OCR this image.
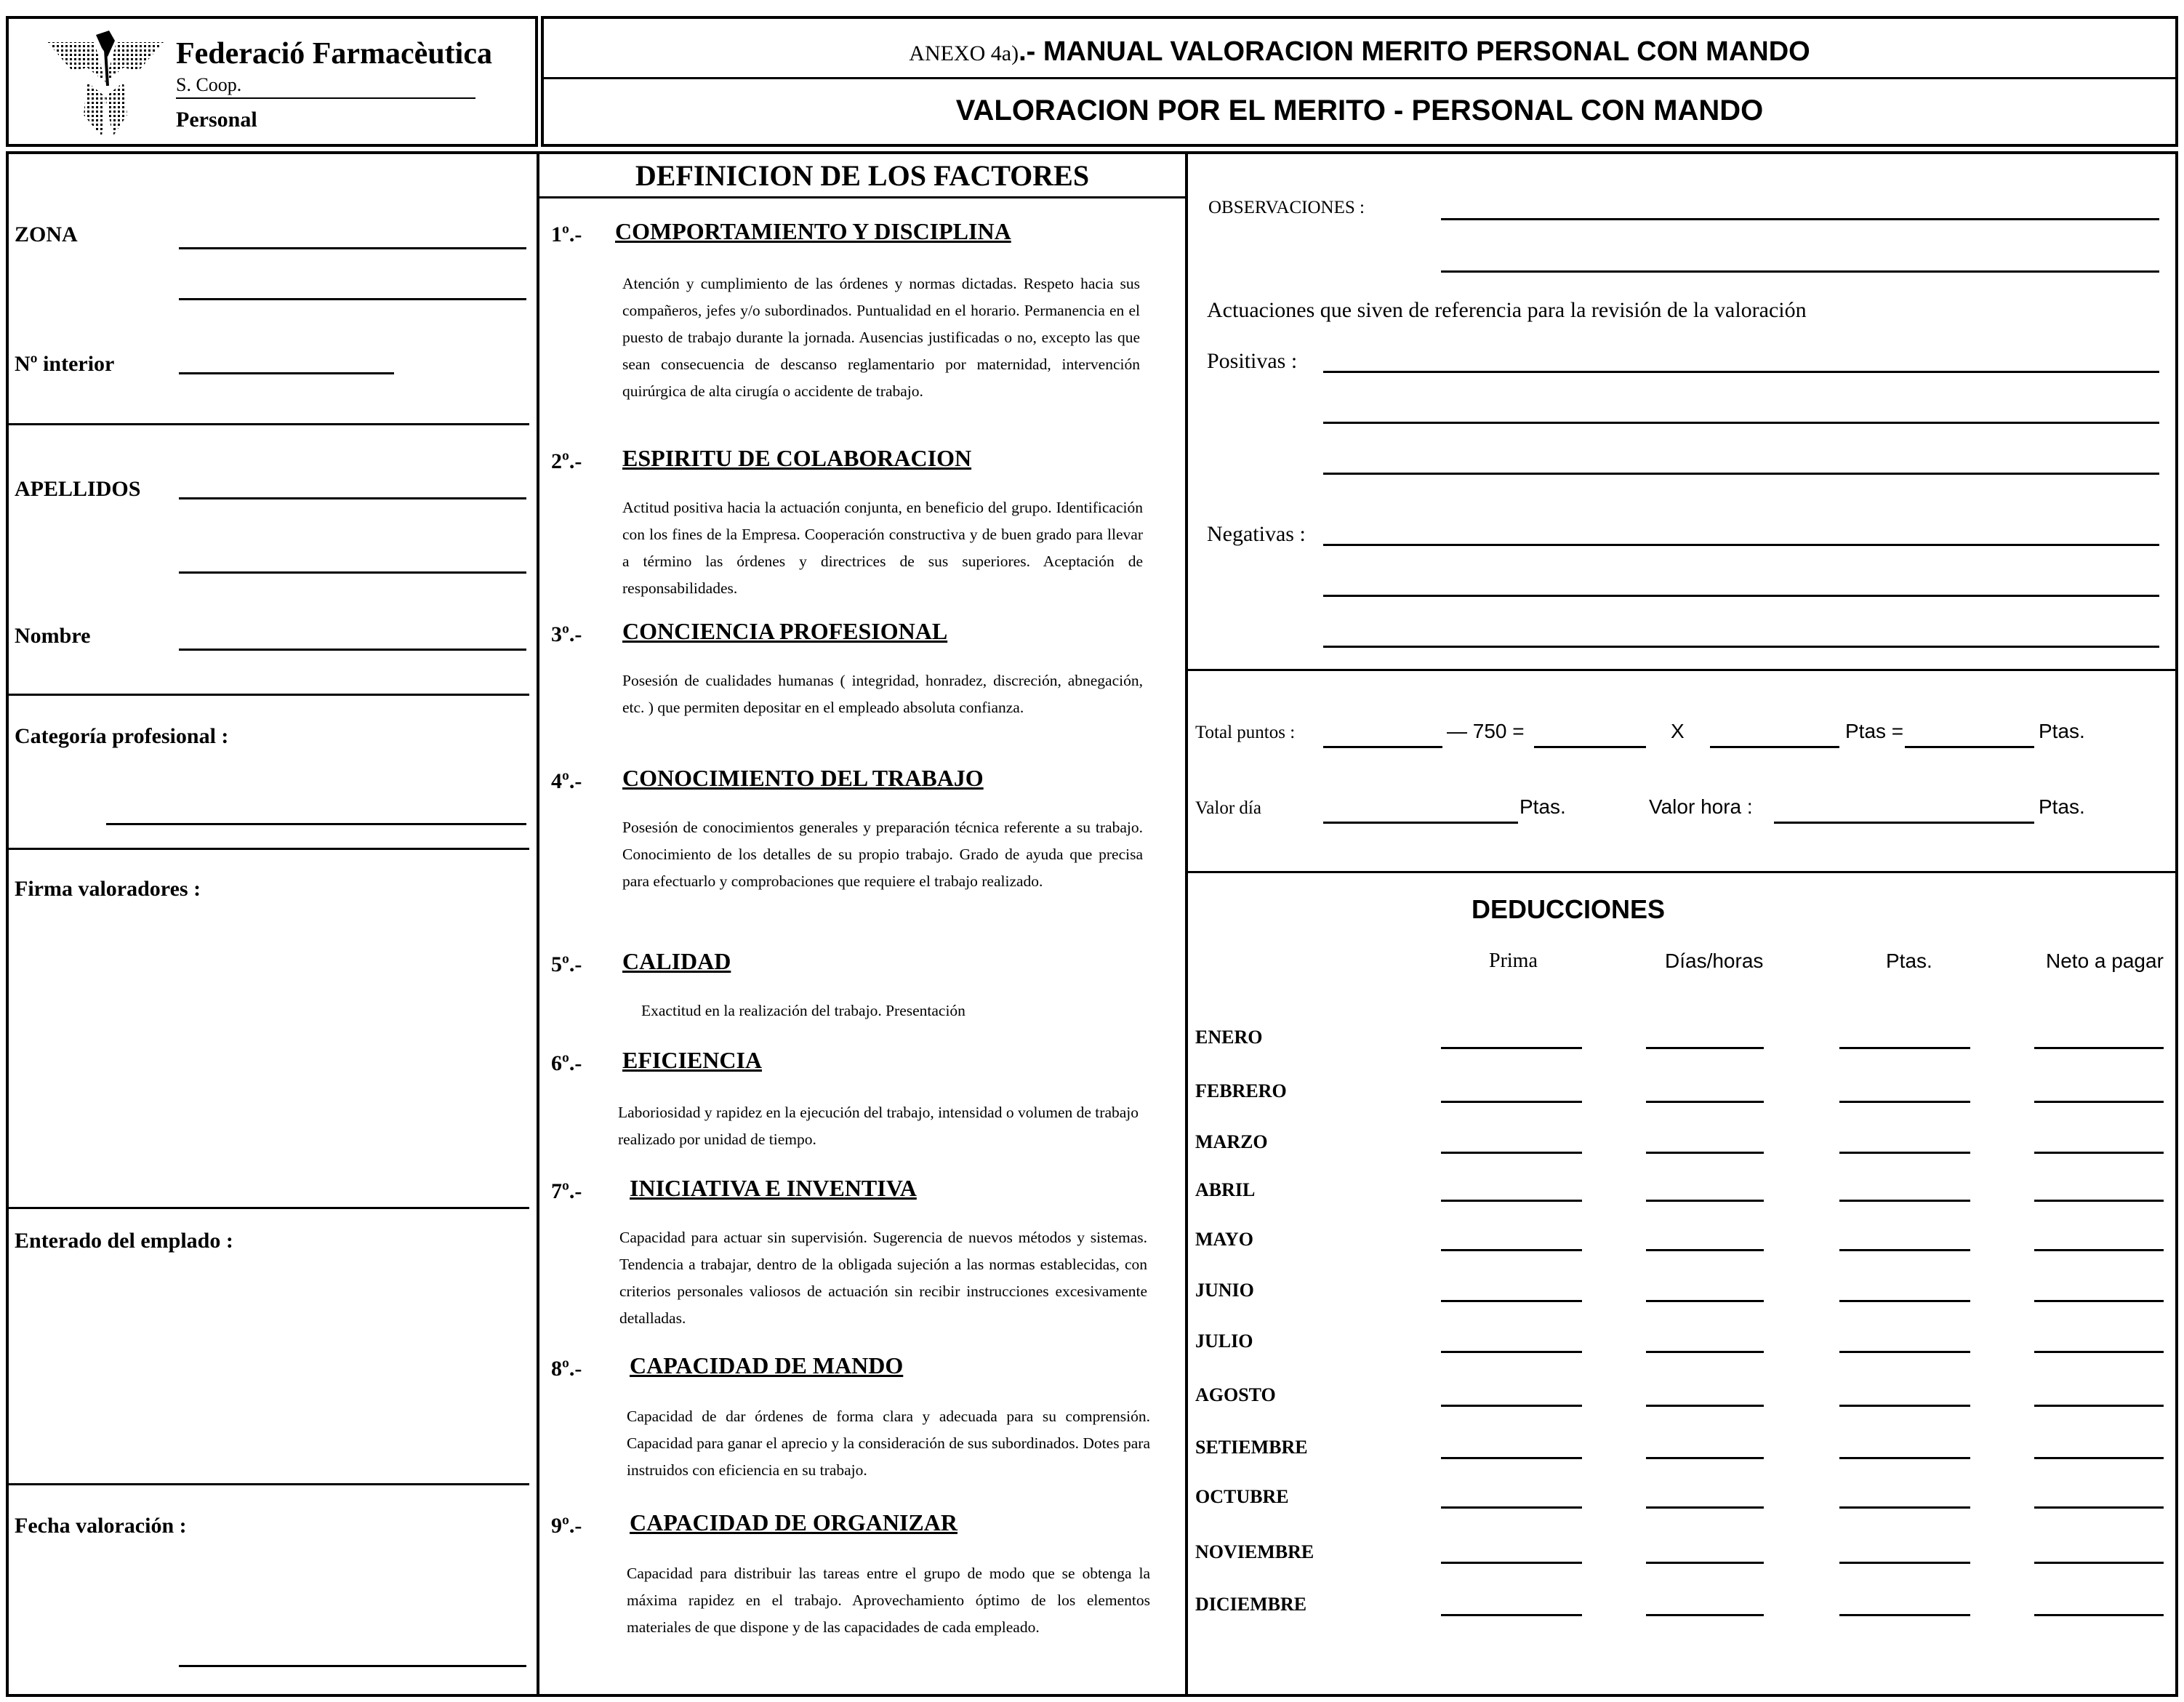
Federació Farmacèutica
S. Coop.
Personal
ANEXO 4a).- MANUAL VALORACION MERITO PERSONAL CON MANDO
VALORACION POR EL MERITO - PERSONAL CON MANDO
ZONA
Nº interior
APELLIDOS
Nombre
Categoría profesional :
Firma valoradores :
Enterado del emplado :
Fecha valoración :
DEFINICION DE LOS FACTORES
1º.- COMPORTAMIENTO Y DISCIPLINA
Atención y cumplimiento de las órdenes y normas dictadas. Respeto hacia sus compañeros, jefes y/o subordinados. Puntualidad en el horario. Permanencia en el puesto de trabajo durante la jornada. Ausencias justificadas o no, excepto las que sean consecuencia de descanso reglamentario por maternidad, intervención quirúrgica de alta cirugía o accidente de trabajo.
2º.- ESPIRITU DE COLABORACION
Actitud positiva hacia la actuación conjunta, en beneficio del grupo. Identificación con los fines de la Empresa. Cooperación constructiva y de buen grado para llevar a término las órdenes y directrices de sus superiores. Aceptación de responsabilidades.
3º.- CONCIENCIA PROFESIONAL
Posesión de cualidades humanas ( integridad, honradez, discreción, abnegación, etc. ) que permiten depositar en el empleado absoluta confianza.
4º.- CONOCIMIENTO DEL TRABAJO
Posesión de conocimientos generales y preparación técnica referente a su trabajo. Conocimiento de los detalles de su propio trabajo. Grado de ayuda que precisa para efectuarlo y comprobaciones que requiere el trabajo realizado.
5º.- CALIDAD
Exactitud en la realización del trabajo. Presentación
6º.- EFICIENCIA
Laboriosidad y rapidez en la ejecución del trabajo, intensidad o volumen de trabajo realizado por unidad de tiempo.
7º.- INICIATIVA E INVENTIVA
Capacidad para actuar sin supervisión. Sugerencia de nuevos métodos y sistemas. Tendencia a trabajar, dentro de la obligada sujeción a las normas establecidas, con criterios personales valiosos de actuación sin recibir instrucciones excesivamente detalladas.
8º.- CAPACIDAD DE MANDO
Capacidad de dar órdenes de forma clara y adecuada para su comprensión. Capacidad para ganar el aprecio y la consideración de sus subordinados. Dotes para instruidos con eficiencia en su trabajo.
9º.- CAPACIDAD DE ORGANIZAR
Capacidad para distribuir las tareas entre el grupo de modo que se obtenga la máxima rapidez en el trabajo. Aprovechamiento óptimo de los elementos materiales de que dispone y de las capacidades de cada empleado.
OBSERVACIONES :
Actuaciones que siven de referencia para la revisión de la valoración
Positivas :
Negativas :
Total puntos :	— 750 =	X	Ptas =	Ptas.
Valor día	Ptas.	Valor hora :	Ptas.
DEDUCCIONES
Prima	Días/horas	Ptas.	Neto a pagar
ENERO
FEBRERO
MARZO
ABRIL
MAYO
JUNIO
JULIO
AGOSTO
SETIEMBRE
OCTUBRE
NOVIEMBRE
DICIEMBRE
